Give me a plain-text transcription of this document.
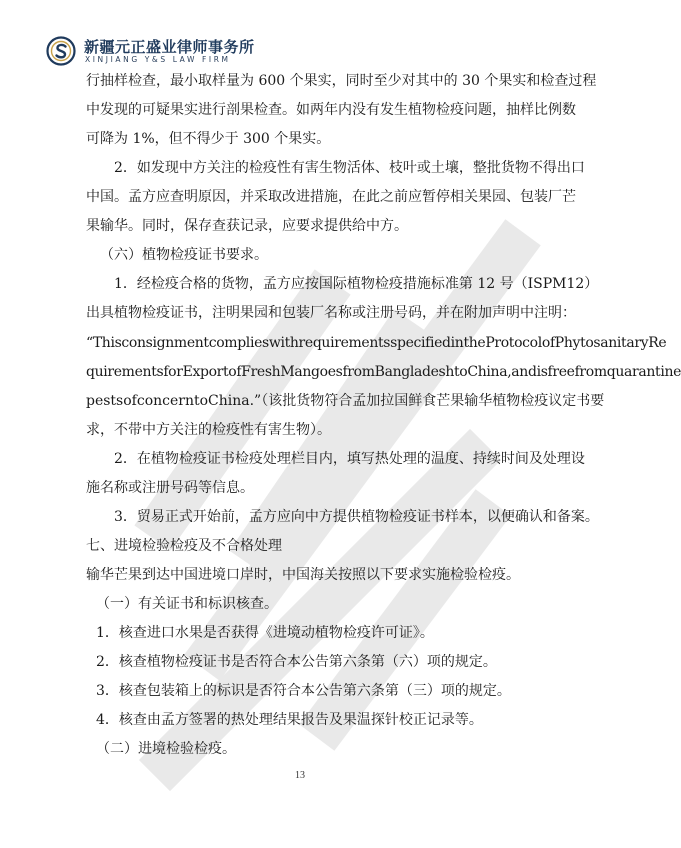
新疆元正盛业律师事务所
XINJIANG Y&S LAW FIRM
行抽样检查，最小取样量为 600 个果实，同时至少对其中的 30 个果实和检查过程
中发现的可疑果实进行剖果检查。如两年内没有发生植物检疫问题，抽样比例数
可降为 1%，但不得少于 300 个果实。
2．如发现中方关注的检疫性有害生物活体、枝叶或土壤，整批货物不得出口
中国。孟方应查明原因，并采取改进措施，在此之前应暂停相关果园、包装厂芒
果输华。同时，保存查获记录，应要求提供给中方。
（六）植物检疫证书要求。
1．经检疫合格的货物，孟方应按国际植物检疫措施标准第 12 号（ISPM12）
出具植物检疫证书，注明果园和包装厂名称或注册号码，并在附加声明中注明：
“ThisconsignmentcomplieswithrequirementsspecifiedintheProtocolofPhytosanitaryRe
quirementsforExportofFreshMangoesfromBangladeshtoChina,andisfreefromquarantine
pestsofconcerntoChina.”（该批货物符合孟加拉国鲜食芒果输华植物检疫议定书要
求，不带中方关注的检疫性有害生物）。
2．在植物检疫证书检疫处理栏目内，填写热处理的温度、持续时间及处理设
施名称或注册号码等信息。
3．贸易正式开始前，孟方应向中方提供植物检疫证书样本，以便确认和备案。
七、进境检验检疫及不合格处理
输华芒果到达中国进境口岸时，中国海关按照以下要求实施检验检疫。
（一）有关证书和标识核查。
1．核查进口水果是否获得《进境动植物检疫许可证》。
2．核查植物检疫证书是否符合本公告第六条第（六）项的规定。
3．核查包装箱上的标识是否符合本公告第六条第（三）项的规定。
4．核查由孟方签署的热处理结果报告及果温探针校正记录等。
（二）进境检验检疫。
13
